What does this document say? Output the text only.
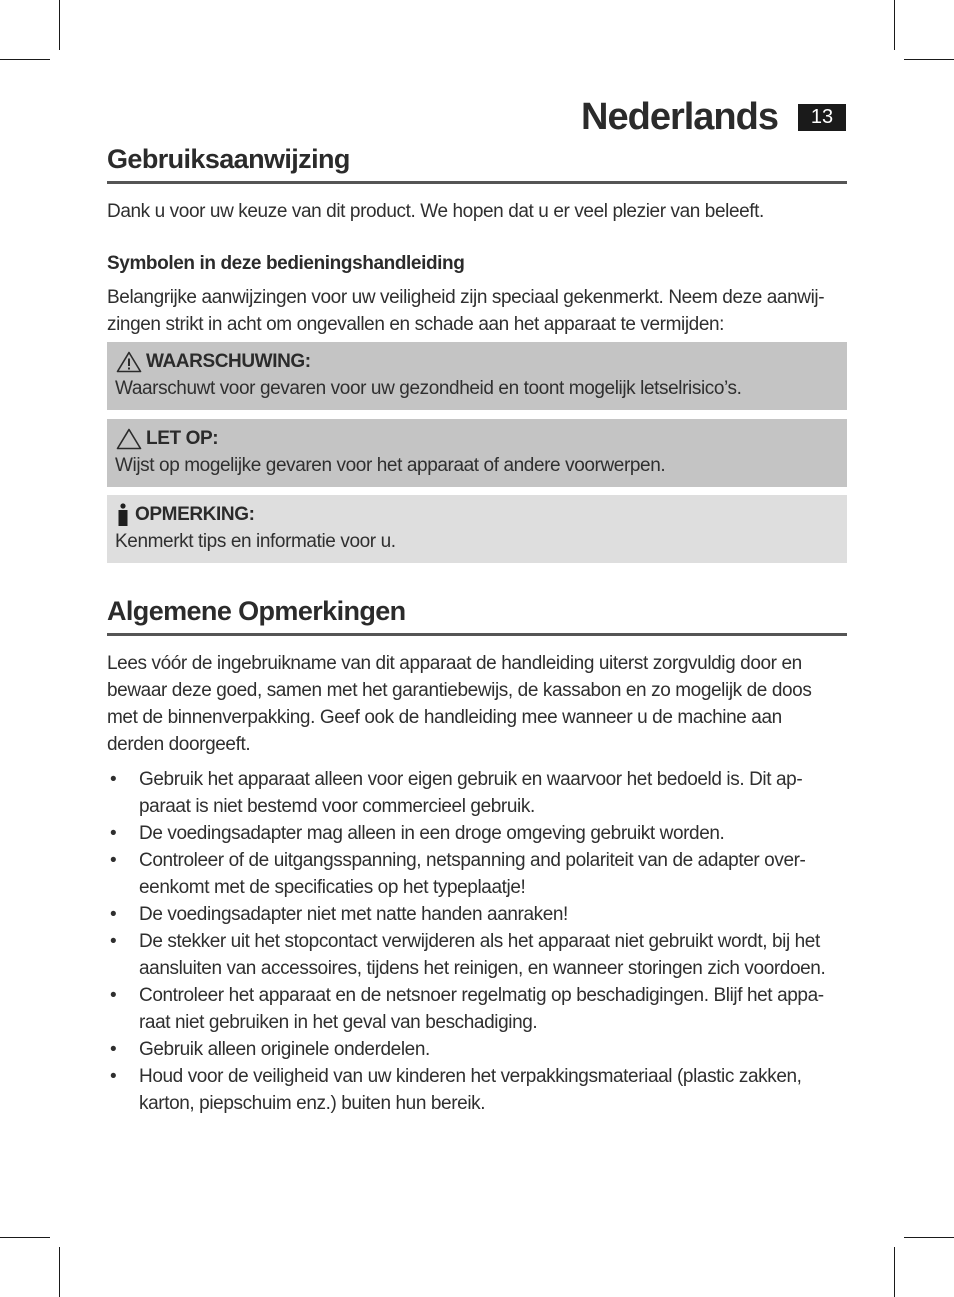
Nederlands	13
Gebruiksaanwijzing

Dank u voor uw keuze van dit product. We hopen dat u er veel plezier van beleeft.

Symbolen in deze bedieningshandleiding

Belangrijke aanwijzingen voor uw veiligheid zijn speciaal gekenmerkt. Neem deze aanwij-zingen strikt in acht om ongevallen en schade aan het apparaat te vermijden:

WAARSCHUWING:
Waarschuwt voor gevaren voor uw gezondheid en toont mogelijk letselrisico’s.
LET OP:
Wijst op mogelijke gevaren voor het apparaat of andere voorwerpen.
OPMERKING:
Kenmerkt tips en informatie voor u.
Algemene Opmerkingen

Lees vóór de ingebruikname van dit apparaat de handleiding uiterst zorgvuldig door en bewaar deze goed, samen met het garantiebewijs, de kassabon en zo mogelijk de doos met de binnenverpakking. Geef ook de handleiding mee wanneer u de machine aan derden doorgeeft.

• Gebruik het apparaat alleen voor eigen gebruik en waarvoor het bedoeld is. Dit ap-paraat is niet bestemd voor commercieel gebruik.
• De voedingsadapter mag alleen in een droge omgeving gebruikt worden.
• Controleer of de uitgangsspanning, netspanning and polariteit van de adapter over-eenkomt met de specificaties op het typeplaatje!
• De voedingsadapter niet met natte handen aanraken!
• De stekker uit het stopcontact verwijderen als het apparaat niet gebruikt wordt, bij het aansluiten van accessoires, tijdens het reinigen, en wanneer storingen zich voordoen.
• Controleer het apparaat en de netsnoer regelmatig op beschadigingen. Blijf het appa-raat niet gebruiken in het geval van beschadiging.
• Gebruik alleen originele onderdelen.
• Houd voor de veiligheid van uw kinderen het verpakkingsmateriaal (plastic zakken, karton, piepschuim enz.) buiten hun bereik.
